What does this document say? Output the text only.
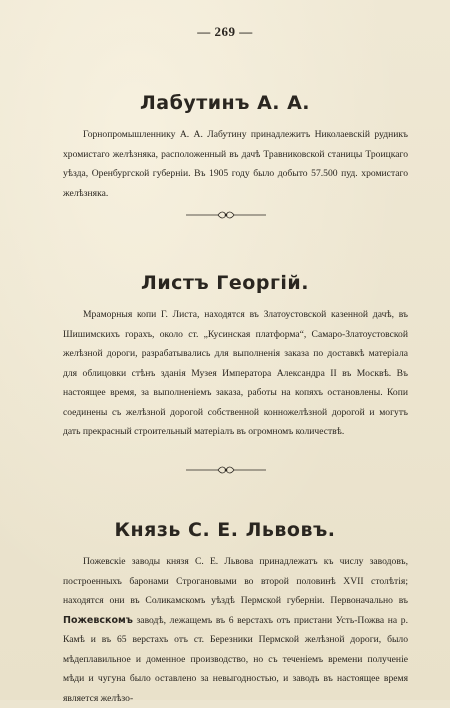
— 269 —
Лабутинъ А. А.

Горнопромышленнику А. А. Лабутину принадлежитъ Николаевскій рудникъ хромистаго желѣзняка, расположенный въ дачѣ Травниковской станицы Троицкаго уѣзда, Оренбургской губерніи. Въ 1905 году было добыто 57.500 пуд. хромистаго желѣзняка.

Листъ Георгій.

Мраморныя копи Г. Листа, находятся въ Златоустовской казенной дачѣ, въ Шишимскихъ горахъ, около ст. „Кусинская платформа“, Самаро-Златоустовской желѣзной дороги, разрабатывались для выполненія заказа по доставкѣ матеріала для облицовки стѣнъ зданія Музея Императора Александра II въ Москвѣ. Въ настоящее время, за выполненіемъ заказа, работы на копяхъ остановлены. Копи соединены съ желѣзной дорогой собственной конножелѣзной дорогой и могутъ дать прекрасный строительный матеріалъ въ огромномъ количествѣ.

Князь С. Е. Львовъ.

Пожевскіе заводы князя С. Е. Львова принадлежатъ къ числу заводовъ, построенныхъ баронами Строгановыми во второй половинѣ XVII столѣтія; находятся они въ Соликамскомъ уѣздѣ Пермской губерніи. Первоначально въ Пожевскомъ заводѣ, лежащемъ въ 6 верстахъ отъ пристани Усть-Пожва на р. Камѣ и въ 65 верстахъ отъ ст. Березники Пермской желѣзной дороги, было мѣдеплавильное и доменное производство, но съ теченіемъ времени полученіе мѣди и чугуна было оставлено за невыгодностью, и заводъ въ настоящее время является желѣзо-
